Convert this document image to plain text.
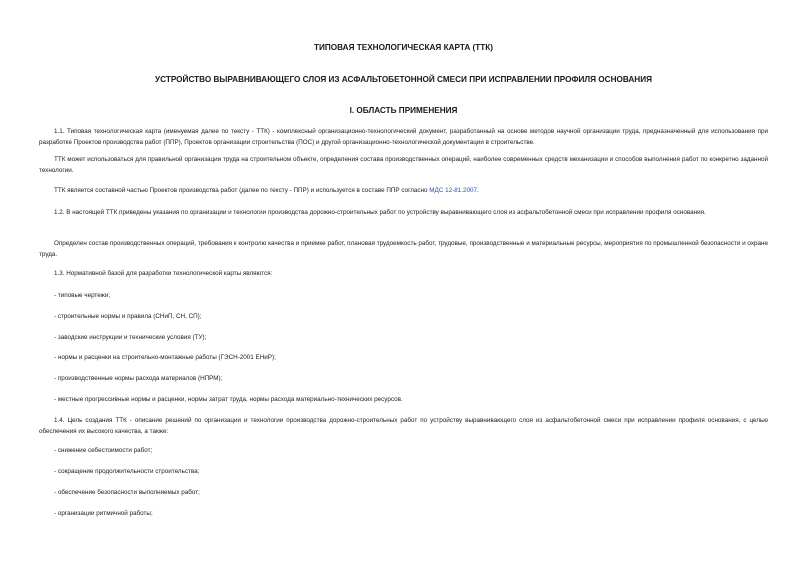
ТИПОВАЯ ТЕХНОЛОГИЧЕСКАЯ КАРТА (ТТК)
УСТРОЙСТВО ВЫРАВНИВАЮЩЕГО СЛОЯ ИЗ АСФАЛЬТОБЕТОННОЙ СМЕСИ ПРИ ИСПРАВЛЕНИИ ПРОФИЛЯ ОСНОВАНИЯ
I. ОБЛАСТЬ ПРИМЕНЕНИЯ
1.1. Типовая технологическая карта (именуемая далее по тексту - ТТК) - комплексный организационно-технологический документ, разработанный на основе методов научной организации труда, предназначенный для использования при разработке Проектов производства работ (ППР), Проектов организации строительства (ПОС) и другой организационно-технологической документации в строительстве.
ТТК может использоваться для правильной организации труда на строительном объекте, определения состава производственных операций, наиболее современных средств механизации и способов выполнения работ по конкретно заданной технологии.
ТТК является составной частью Проектов производства работ (далее по тексту - ППР) и используется в составе ППР согласно МДС 12-81.2007.
1.2. В настоящей ТТК приведены указания по организации и технологии производства дорожно-строительных работ по устройству выравнивающего слоя из асфальтобетонной смеси при исправлении профиля основания.
Определен состав производственных операций, требования к контролю качества и приемке работ, плановая трудоемкость работ, трудовые, производственные и материальные ресурсы, мероприятия по промышленной безопасности и охране труда.
1.3. Нормативной базой для разработки технологической карты являются:
- типовые чертежи;
- строительные нормы и правила (СНиП, СН, СП);
- заводские инструкции и технические условия (ТУ);
- нормы и расценки на строительно-монтажные работы (ГЭСН-2001 ЕНиР);
- производственные нормы расхода материалов (НПРМ);
- местные прогрессивные нормы и расценки, нормы затрат труда, нормы расхода материально-технических ресурсов.
1.4. Цель создания ТТК - описание решений по организации и технологии производства дорожно-строительных работ по устройству выравнивающего слоя из асфальтобетонной смеси при исправлении профиля основания, с целью обеспечения их высокого качества, а также:
- снижение себестоимости работ;
- сокращение продолжительности строительства;
- обеспечение безопасности выполняемых работ;
- организации ритмичной работы;
